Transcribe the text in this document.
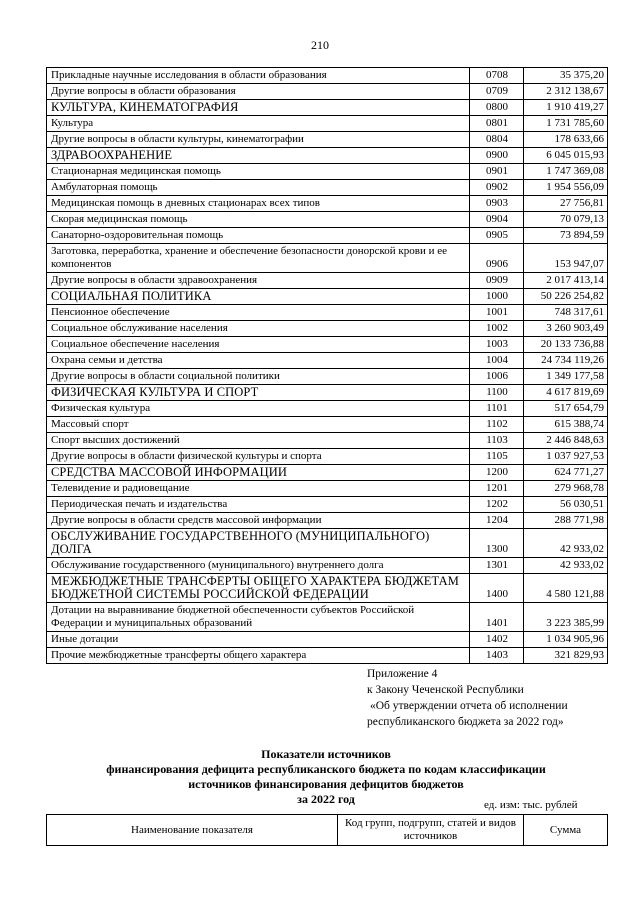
210
Прикладные научные исследования в области образования	0708	35 375,20
Другие вопросы в области образования	0709	2 312 138,67
КУЛЬТУРА, КИНЕМАТОГРАФИЯ	0800	1 910 419,27
Культура	0801	1 731 785,60
Другие вопросы в области культуры, кинематографии	0804	178 633,66
ЗДРАВООХРАНЕНИЕ	0900	6 045 015,93
Стационарная медицинская помощь	0901	1 747 369,08
Амбулаторная помощь	0902	1 954 556,09
Медицинская помощь в дневных стационарах всех типов	0903	27 756,81
Скорая медицинская помощь	0904	70 079,13
Санаторно-оздоровительная помощь	0905	73 894,59
Заготовка, переработка, хранение и обеспечение безопасности донорской крови и ее компонентов	0906	153 947,07
Другие вопросы в области здравоохранения	0909	2 017 413,14
СОЦИАЛЬНАЯ ПОЛИТИКА	1000	50 226 254,82
Пенсионное обеспечение	1001	748 317,61
Социальное обслуживание населения	1002	3 260 903,49
Социальное обеспечение населения	1003	20 133 736,88
Охрана семьи и детства	1004	24 734 119,26
Другие вопросы в области социальной политики	1006	1 349 177,58
ФИЗИЧЕСКАЯ КУЛЬТУРА И СПОРТ	1100	4 617 819,69
Физическая культура	1101	517 654,79
Массовый спорт	1102	615 388,74
Спорт высших достижений	1103	2 446 848,63
Другие вопросы в области физической культуры и спорта	1105	1 037 927,53
СРЕДСТВА МАССОВОЙ ИНФОРМАЦИИ	1200	624 771,27
Телевидение и радиовещание	1201	279 968,78
Периодическая печать и издательства	1202	56 030,51
Другие вопросы в области средств массовой информации	1204	288 771,98
ОБСЛУЖИВАНИЕ ГОСУДАРСТВЕННОГО (МУНИЦИПАЛЬНОГО) ДОЛГА	1300	42 933,02
Обслуживание государственного (муниципального) внутреннего долга	1301	42 933,02
МЕЖБЮДЖЕТНЫЕ ТРАНСФЕРТЫ ОБЩЕГО ХАРАКТЕРА БЮДЖЕТАМ БЮДЖЕТНОЙ СИСТЕМЫ РОССИЙСКОЙ ФЕДЕРАЦИИ	1400	4 580 121,88
Дотации на выравнивание бюджетной обеспеченности субъектов Российской Федерации и муниципальных образований	1401	3 223 385,99
Иные дотации	1402	1 034 905,96
Прочие межбюджетные трансферты общего характера	1403	321 829,93
Приложение 4
к Закону Чеченской Республики
«Об утверждении отчета об исполнении
республиканского бюджета за 2022 год»
Показатели источников
финансирования дефицита республиканского бюджета по кодам классификации
источников финансирования дефицитов бюджетов
за 2022 год	ед. изм: тыс. рублей
Наименование показателя	Код групп, подгрупп, статей и видов источников	Сумма
